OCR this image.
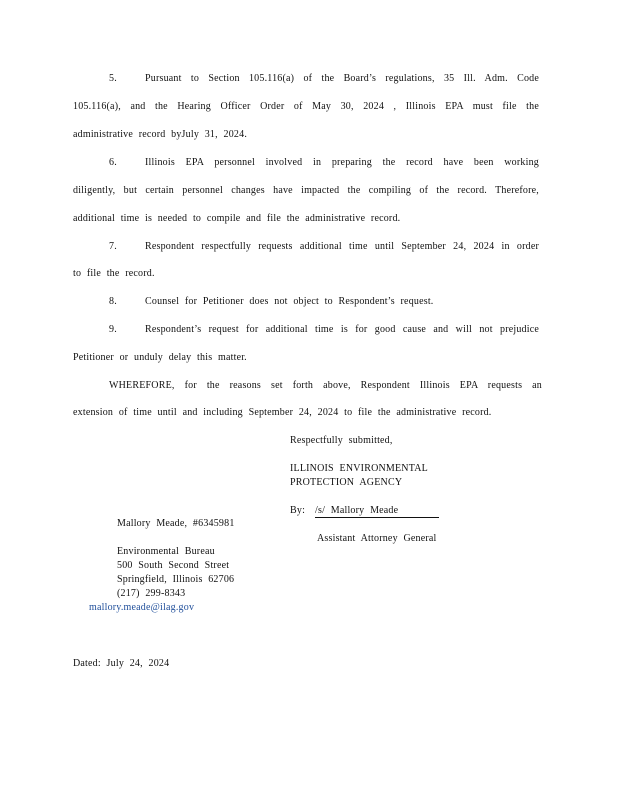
5.	Pursuant to Section 105.116(a) of the Board’s regulations, 35 Ill. Adm. Code
105.116(a), and the Hearing Officer Order of May 30, 2024 , Illinois EPA must file the
administrative record byJuly 31, 2024.
6.	Illinois EPA personnel involved in preparing the record have been working
diligently, but certain personnel changes have impacted the compiling of the record. Therefore,
additional time is needed to compile and file the administrative record.
7.	Respondent respectfully requests additional time until September 24, 2024 in order
to file the record.
8.	Counsel for Petitioner does not object to Respondent’s request.
9.	Respondent’s request for additional time is for good cause and will not prejudice
Petitioner or unduly delay this matter.
WHEREFORE, for the reasons set forth above, Respondent Illinois EPA requests an
extension of time until and including September 24, 2024 to file the administrative record.
Respectfully submitted,
ILLINOIS ENVIRONMENTAL
PROTECTION AGENCY
By: /s/ Mallory Meade
Assistant Attorney General
Mallory Meade, #6345981
Environmental Bureau
500 South Second Street
Springfield, Illinois 62706
(217) 299-8343
mallory.meade@ilag.gov
Dated: July 24, 2024
